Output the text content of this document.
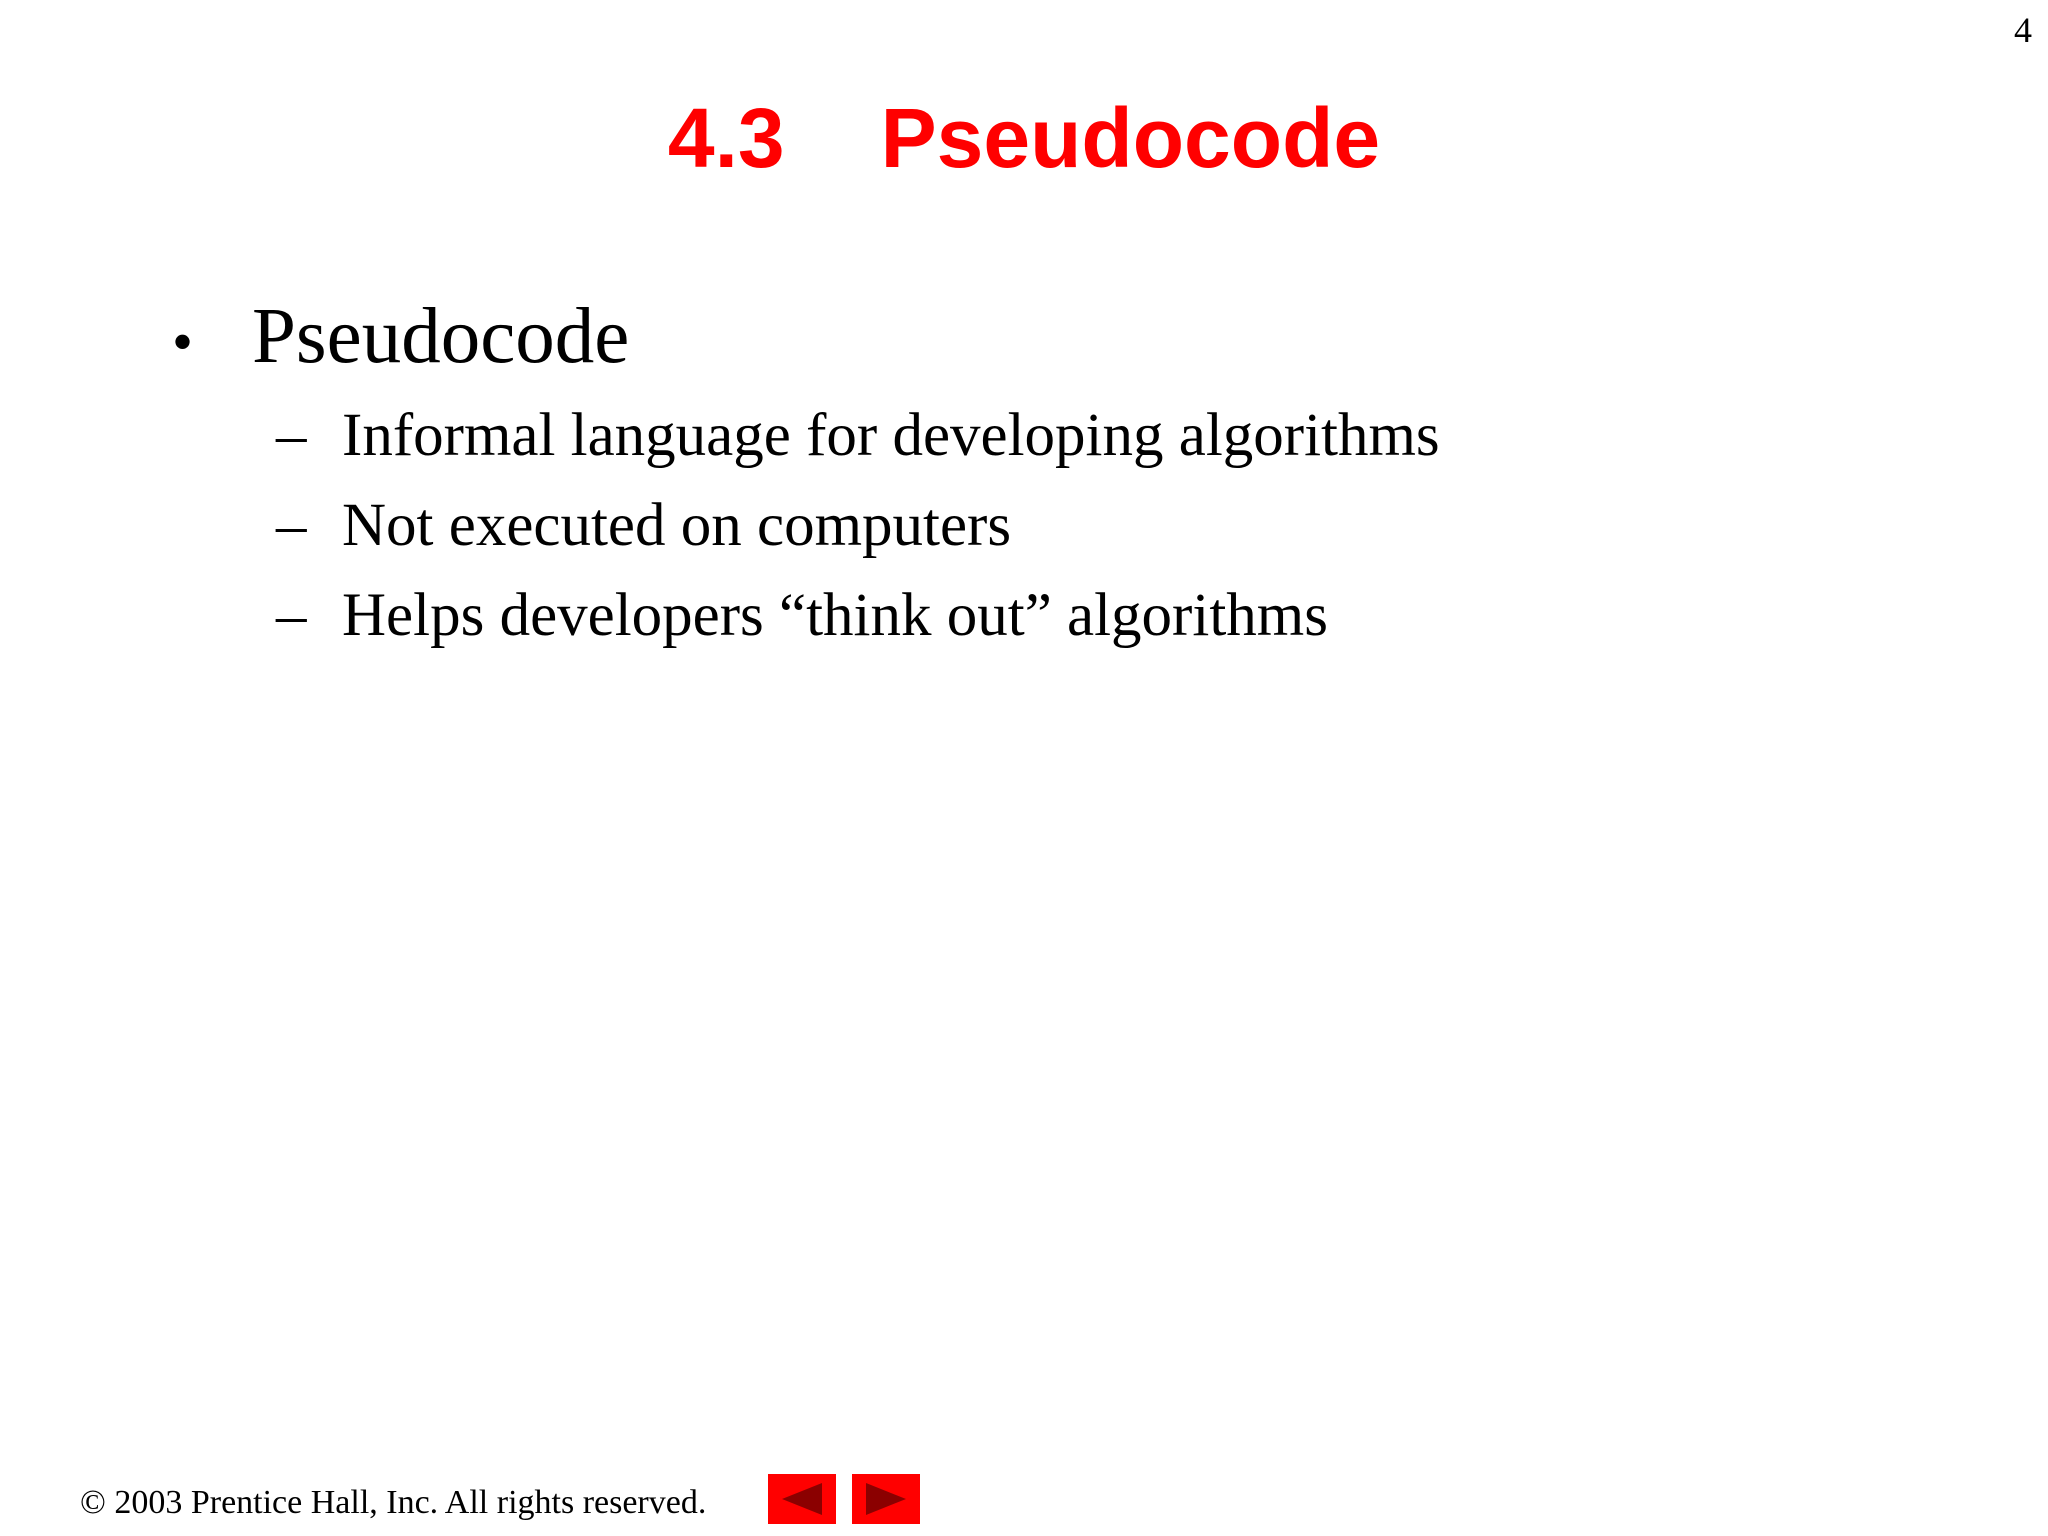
4
4.3 Pseudocode
• Pseudocode
– Informal language for developing algorithms
– Not executed on computers
– Helps developers “think out” algorithms
© 2003 Prentice Hall, Inc. All rights reserved.
